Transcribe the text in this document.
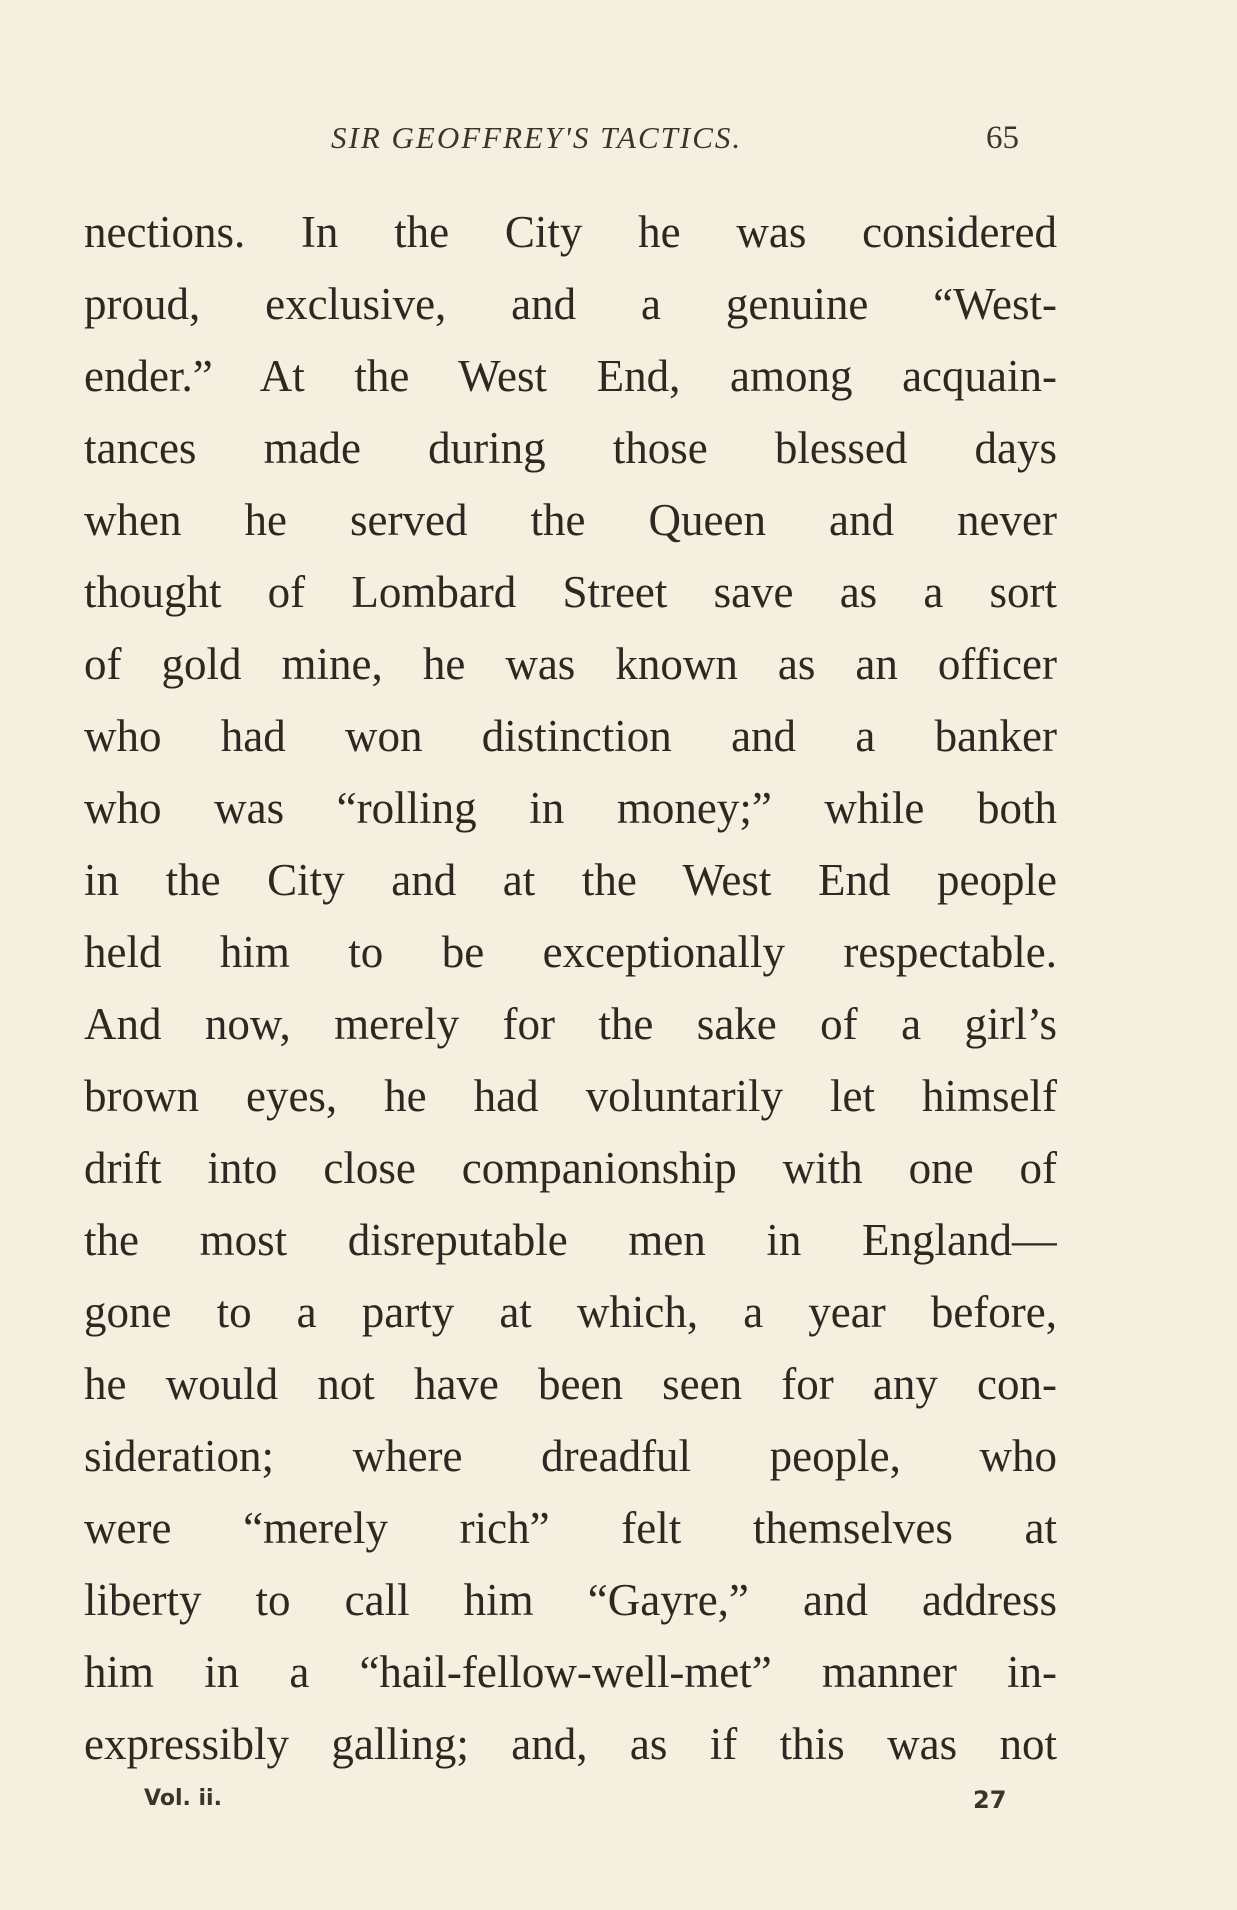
SIR GEOFFREY'S TACTICS.	65
nections. In the City he was considered
proud, exclusive, and a genuine “West-
ender.” At the West End, among acquain-
tances made during those blessed days
when he served the Queen and never
thought of Lombard Street save as a sort
of gold mine, he was known as an officer
who had won distinction and a banker
who was “rolling in money;” while both
in the City and at the West End people
held him to be exceptionally respectable.
And now, merely for the sake of a girl’s
brown eyes, he had voluntarily let himself
drift into close companionship with one of
the most disreputable men in England—
gone to a party at which, a year before,
he would not have been seen for any con-
sideration; where dreadful people, who
were “merely rich” felt themselves at
liberty to call him “Gayre,” and address
him in a “hail-fellow-well-met” manner in-
expressibly galling; and, as if this was not
Vol. ii.	27
